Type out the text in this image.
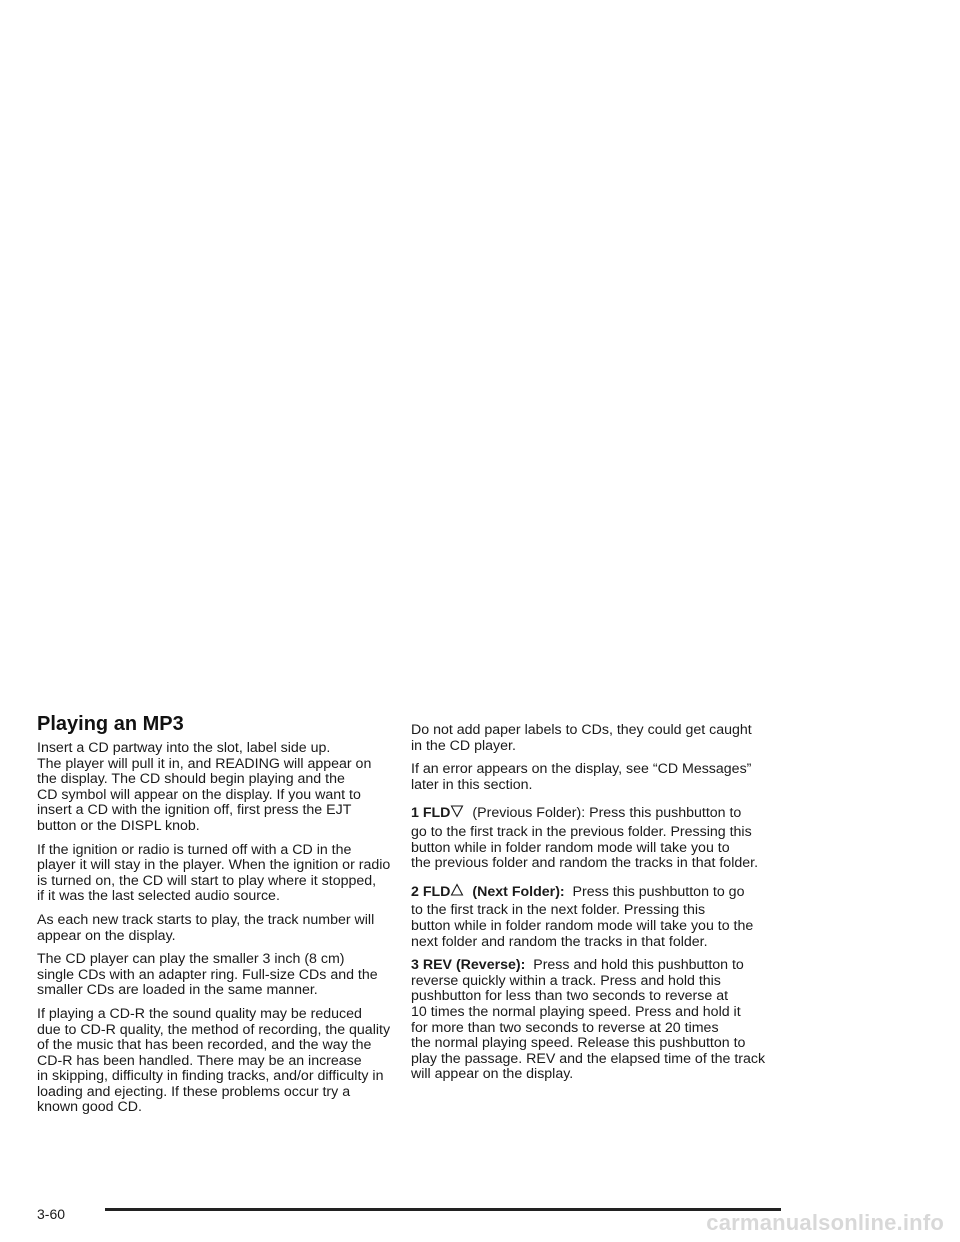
Playing an MP3

Insert a CD partway into the slot, label side up.
The player will pull it in, and READING will appear on
the display. The CD should begin playing and the
CD symbol will appear on the display. If you want to
insert a CD with the ignition off, first press the EJT
button or the DISPL knob.

If the ignition or radio is turned off with a CD in the
player it will stay in the player. When the ignition or radio
is turned on, the CD will start to play where it stopped,
if it was the last selected audio source.

As each new track starts to play, the track number will
appear on the display.

The CD player can play the smaller 3 inch (8 cm)
single CDs with an adapter ring. Full-size CDs and the
smaller CDs are loaded in the same manner.

If playing a CD-R the sound quality may be reduced
due to CD-R quality, the method of recording, the quality
of the music that has been recorded, and the way the
CD-R has been handled. There may be an increase
in skipping, difficulty in finding tracks, and/or difficulty in
loading and ejecting. If these problems occur try a
known good CD.

Do not add paper labels to CDs, they could get caught
in the CD player.

If an error appears on the display, see “CD Messages”
later in this section.

1 FLD (Previous Folder): Press this pushbutton to
go to the first track in the previous folder. Pressing this
button while in folder random mode will take you to
the previous folder and random the tracks in that folder.

2 FLD (Next Folder): Press this pushbutton to go
to the first track in the next folder. Pressing this
button while in folder random mode will take you to the
next folder and random the tracks in that folder.

3 REV (Reverse): Press and hold this pushbutton to
reverse quickly within a track. Press and hold this
pushbutton for less than two seconds to reverse at
10 times the normal playing speed. Press and hold it
for more than two seconds to reverse at 20 times
the normal playing speed. Release this pushbutton to
play the passage. REV and the elapsed time of the track
will appear on the display.

3-60	carmanualsonline.info
